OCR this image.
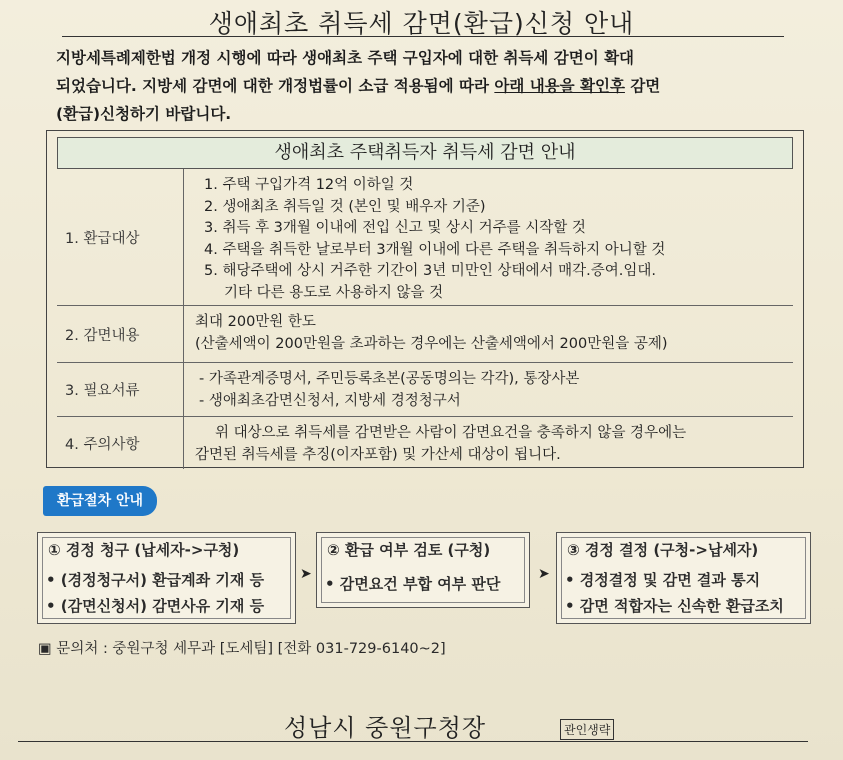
생애최초 취득세 감면(환급)신청 안내
지방세특례제한법 개정 시행에 따라 생애최초 주택 구입자에 대한 취득세 감면이 확대
되었습니다. 지방세 감면에 대한 개정법률이 소급 적용됨에 따라 아래 내용을 확인후 감면
(환급)신청하기 바랍니다.
생애최초 주택취득자 취득세 감면 안내
1. 환급대상
1. 주택 구입가격 12억 이하일 것
2. 생애최초 취득일 것 (본인 및 배우자 기준)
3. 취득 후 3개월 이내에 전입 신고 및 상시 거주를 시작할 것
4. 주택을 취득한 날로부터 3개월 이내에 다른 주택을 취득하지 아니할 것
5. 해당주택에 상시 거주한 기간이 3년 미만인 상태에서 매각.증여.임대.
기타 다른 용도로 사용하지 않을 것
2. 감면내용
최대 200만원 한도
(산출세액이 200만원을 초과하는 경우에는 산출세액에서 200만원을 공제)
3. 필요서류
- 가족관계증명서, 주민등록초본(공동명의는 각각), 통장사본
- 생애최초감면신청서, 지방세 경정청구서
4. 주의사항
위 대상으로 취득세를 감면받은 사람이 감면요건을 충족하지 않을 경우에는
감면된 취득세를 추징(이자포함) 및 가산세 대상이 됩니다.
환급절차 안내
① 경정 청구 (납세자->구청)
• (경정청구서) 환급계좌 기재 등
• (감면신청서) 감면사유 기재 등
➤
② 환급 여부 검토 (구청)
• 감면요건 부합 여부 판단
➤
③ 경정 결정 (구청->납세자)
• 경정결정 및 감면 결과 통지
• 감면 적합자는 신속한 환급조치
▣ 문의처 : 중원구청 세무과 [도세팀] [전화 031-729-6140~2]
성남시 중원구청장	관인생략
